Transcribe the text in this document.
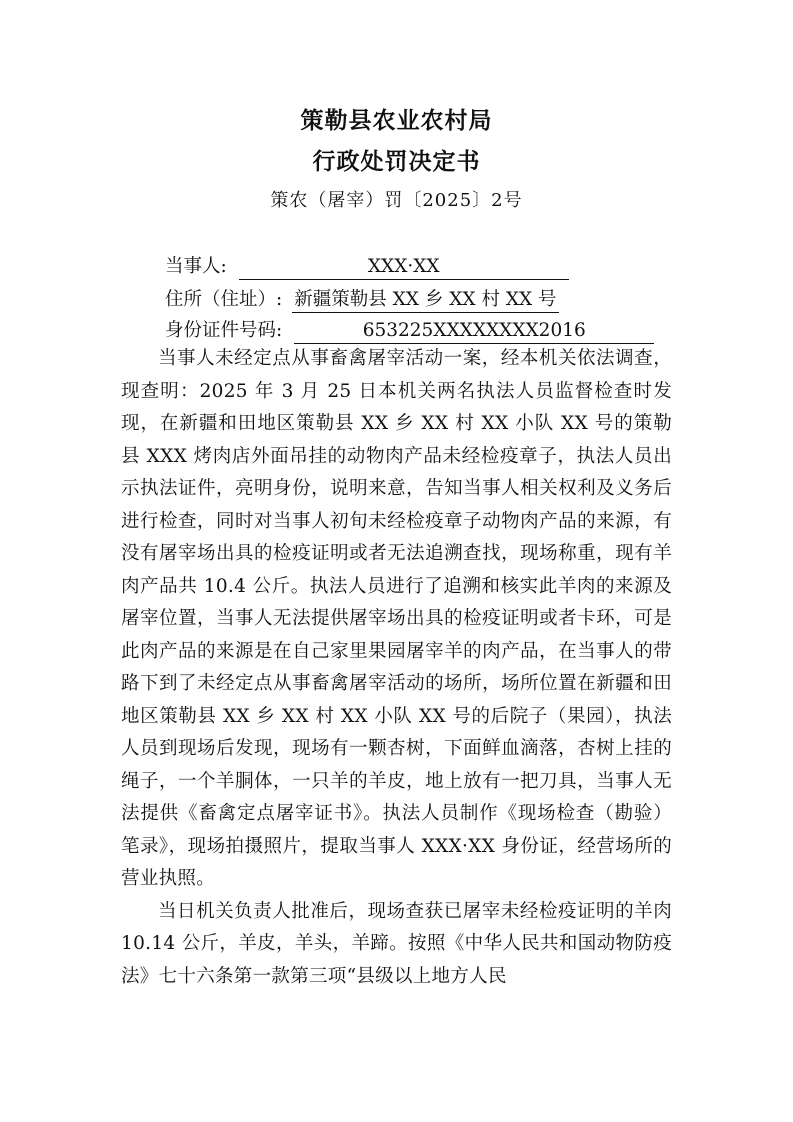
策勒县农业农村局
行政处罚决定书
策农（屠宰）罚〔2025〕2号
当事人:	XXX·XX
住所（住址）: 新疆策勒县 XX 乡 XX 村 XX 号
身份证件号码:	653225XXXXXXXX2016

当事人未经定点从事畜禽屠宰活动一案，经本机关依法调查，现查明：2025 年 3 月 25 日本机关两名执法人员监督检查时发现，在新疆和田地区策勒县 XX 乡 XX 村 XX 小队 XX 号的策勒县 XXX 烤肉店外面吊挂的动物肉产品未经检疫章子，执法人员出示执法证件，亮明身份，说明来意，告知当事人相关权利及义务后进行检查，同时对当事人初旬未经检疫章子动物肉产品的来源，有没有屠宰场出具的检疫证明或者无法追溯查找，现场称重，现有羊肉产品共 10.4 公斤。执法人员进行了追溯和核实此羊肉的来源及屠宰位置，当事人无法提供屠宰场出具的检疫证明或者卡环，可是此肉产品的来源是在自己家里果园屠宰羊的肉产品，在当事人的带路下到了未经定点从事畜禽屠宰活动的场所，场所位置在新疆和田地区策勒县 XX 乡 XX 村 XX 小队 XX 号的后院子（果园），执法人员到现场后发现，现场有一颗杏树，下面鲜血滴落，杏树上挂的绳子，一个羊胴体，一只羊的羊皮，地上放有一把刀具，当事人无法提供《畜禽定点屠宰证书》。执法人员制作《现场检查（勘验）笔录》，现场拍摄照片，提取当事人 XXX·XX 身份证，经营场所的营业执照。

当日机关负责人批准后，现场查获已屠宰未经检疫证明的羊肉 10.14 公斤，羊皮，羊头，羊蹄。按照《中华人民共和国动物防疫法》七十六条第一款第三项“县级以上地方人民
